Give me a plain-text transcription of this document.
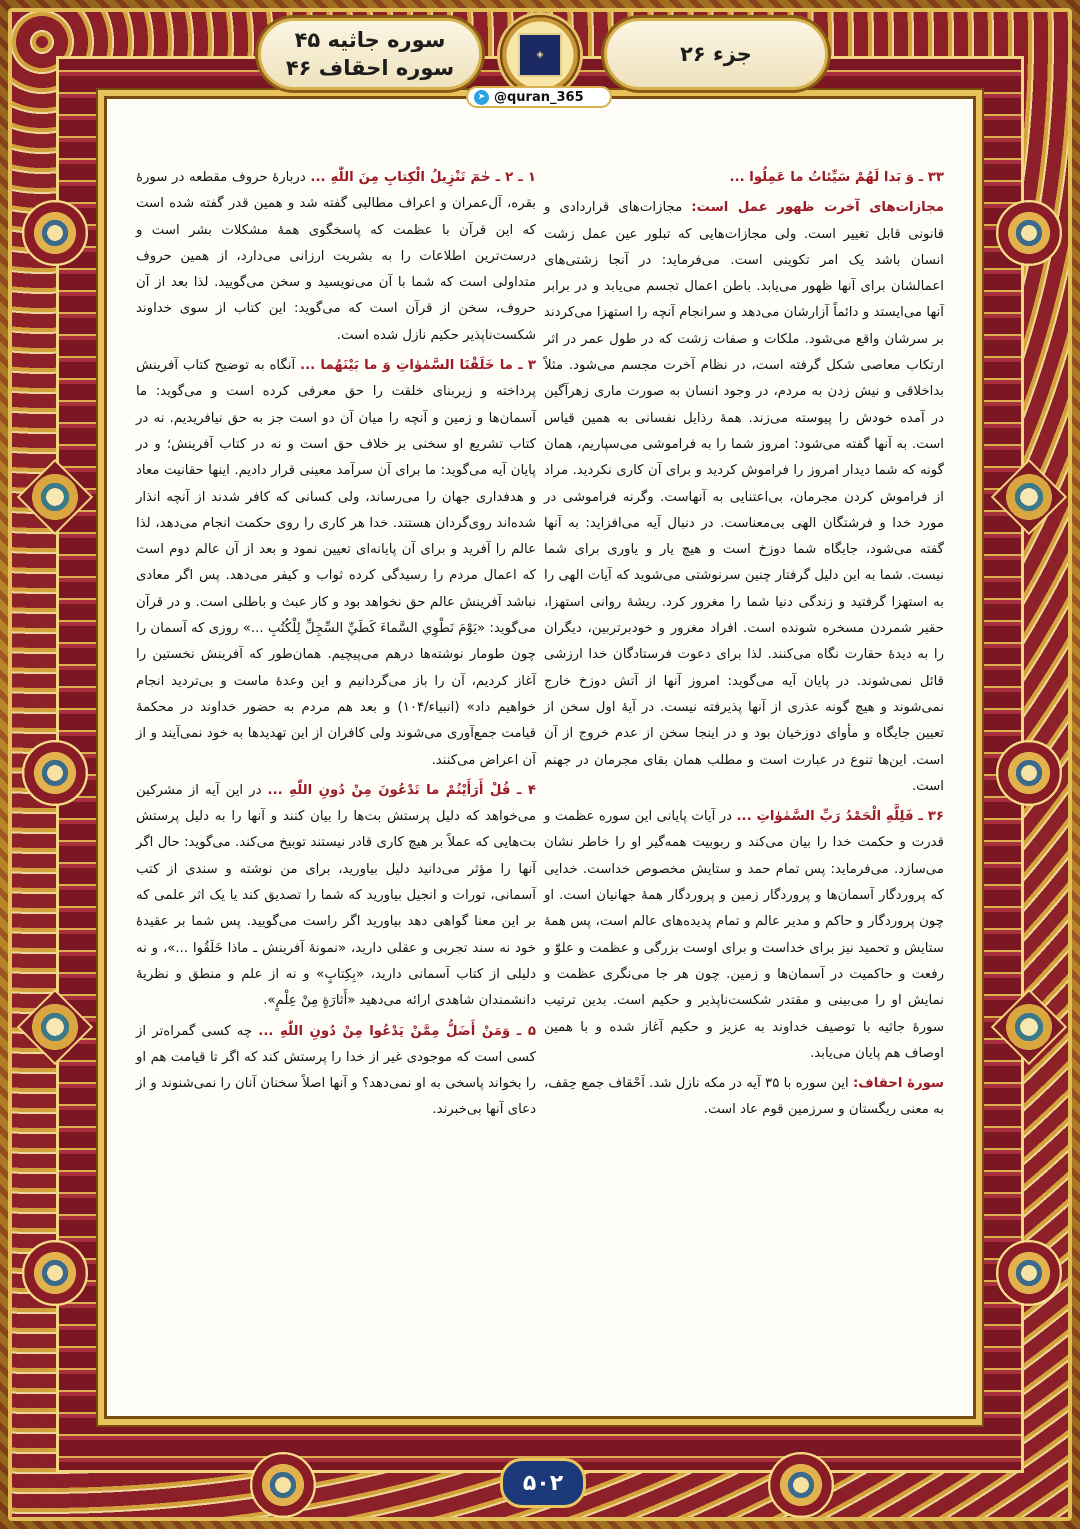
سوره جاثیه ۴۵
سوره احقاف ۴۶
◈	جزء ۲۶
➤ @quran_365

۳۳ ـ وَ بَدا لَهُمْ سَيِّئاتُ ما عَمِلُوا ...

مجازات‌های آخرت ظهور عمل است: مجازات‌های قراردادی و قانونی قابل تغییر است. ولی مجازات‌هایی که تبلور عین عمل زشت انسان باشد یک امر تکوینی است. می‌فرماید: در آنجا زشتی‌های اعمالشان برای آنها ظهور می‌یابد. باطن اعمال تجسم می‌یابد و در برابر آنها می‌ایستد و دائماً آزارشان می‌دهد و سرانجام آنچه را استهزا می‌کردند بر سرشان واقع می‌شود. ملکات و صفات زشت که در طول عمر در اثر ارتکاب معاصی شکل گرفته است، در نظام آخرت مجسم می‌شود. مثلاً بداخلاقی و نیش زدن به مردم، در وجود انسان به صورت ماری زهرآگین در آمده خودش را پیوسته می‌زند. همهٔ رذایل نفسانی به همین قیاس است. به آنها گفته می‌شود: امروز شما را به فراموشی می‌سپاریم، همان گونه که شما دیدار امروز را فراموش کردید و برای آن کاری نکردید. مراد از فراموش کردن مجرمان، بی‌اعتنایی به آنهاست. وگرنه فراموشی در مورد خدا و فرشتگان الهی بی‌معناست. در دنبال آیه می‌افزاید: به آنها گفته می‌شود، جایگاه شما دوزخ است و هیچ یار و یاوری برای شما نیست. شما به این دلیل گرفتار چنین سرنوشتی می‌شوید که آیات الهی را به استهزا گرفتید و زندگی دنیا شما را مغرور کرد. ریشهٔ روانی استهزا، حقیر شمردن مسخره شونده است. افراد مغرور و خودبرتربین، دیگران را به دیدهٔ حقارت نگاه می‌کنند. لذا برای دعوت فرستادگان خدا ارزشی قائل نمی‌شوند. در پایان آیه می‌گوید: امروز آنها از آتش دوزخ خارج نمی‌شوند و هیچ گونه عذری از آنها پذیرفته نیست. در آیهٔ اول سخن از تعیین جایگاه و مأوای دوزخیان بود و در اینجا سخن از عدم خروج از آن است. این‌ها تنوع در عبارت است و مطلب همان بقای مجرمان در جهنم است.

۳۶ ـ فَلِلَّهِ الْحَمْدُ رَبِّ السَّمٰوٰاتِ ... در آیات پایانی این سوره عظمت و قدرت و حکمت خدا را بیان می‌کند و ربوبیت همه‌گیر او را خاطر نشان می‌سازد. می‌فرماید: پس تمام حمد و ستایش مخصوص خداست. خدایی که پروردگار آسمان‌ها و پروردگار زمین و پروردگار همهٔ جهانیان است. او چون پروردگار و حاکم و مدیر عالم و تمام پدیده‌های عالم است، پس همهٔ ستایش و تحمید نیز برای خداست و برای اوست بزرگی و عظمت و علوّ و رفعت و حاکمیت در آسمان‌ها و زمین. چون هر جا می‌نگری عظمت و نمایش او را می‌بینی و مقتدر شکست‌ناپذیر و حکیم است. بدین ترتیب سورهٔ جاثیه با توصیف خداوند به عزیز و حکیم آغاز شده و با همین اوصاف هم پایان می‌یابد.

سورهٔ احقاف: این سوره با ۳۵ آیه در مکه نازل شد. اَحْقاف جمع حِقف، به معنی ریگستان و سرزمین قوم عاد است.

۱ ـ ۲ ـ حٰمٓ تَنْزِيلُ الْكِتابِ مِنَ اللّٰهِ ... دربارهٔ حروف مقطعه در سورهٔ بقره، آل‌عمران و اعراف مطالبی گفته شد و همین قدر گفته شده است که این قرآن با عظمت که پاسخگوی همهٔ مشکلات بشر است و درست‌ترین اطلاعات را به بشریت ارزانی می‌دارد، از همین حروف متداولی است که شما با آن می‌نویسید و سخن می‌گویید. لذا بعد از آن حروف، سخن از قرآن است که می‌گوید: این کتاب از سوی خداوند شکست‌ناپذیر حکیم نازل شده است.

۳ ـ ما خَلَقْنَا السَّمٰوٰاتِ وَ ما بَيْنَهُما ... آنگاه به توضیح کتاب آفرینش پرداخته و زیربنای خلقت را حق معرفی کرده است و می‌گوید: ما آسمان‌ها و زمین و آنچه را میان آن دو است جز به حق نیافریدیم. نه در کتاب تشریع او سخنی بر خلاف حق است و نه در کتاب آفرینش؛ و در پایان آیه می‌گوید: ما برای آن سرآمد معینی قرار دادیم. اینها حقانیت معاد و هدفداری جهان را می‌رساند، ولی کسانی که کافر شدند از آنچه انذار شده‌اند روی‌گردان هستند. خدا هر کاری را روی حکمت انجام می‌دهد، لذا عالم را آفرید و برای آن پایانه‌ای تعیین نمود و بعد از آن عالم دوم است که اعمال مردم را رسیدگی کرده ثواب و کیفر می‌دهد. پس اگر معادی نباشد آفرینش عالم حق نخواهد بود و کار عبث و باطلی است. و در قرآن می‌گوید: «يَوْمَ نَطْوِي السَّماءَ كَطَيِّ السِّجِلِّ لِلْكُتُبِ ...» روزی که آسمان را چون طومار نوشته‌ها درهم می‌پیچیم. همان‌طور که آفرینش نخستین را آغاز کردیم، آن را باز می‌گردانیم و این وعدهٔ ماست و بی‌تردید انجام خواهیم داد» (انبیاء/۱۰۴) و بعد هم مردم به حضور خداوند در محکمهٔ قیامت جمع‌آوری می‌شوند ولی کافران از این تهدیدها به خود نمی‌آیند و از آن اعراض می‌کنند.

۴ ـ قُلْ أَرَأَيْتُمْ ما تَدْعُونَ مِنْ دُونِ اللّٰهِ ... در این آیه از مشرکین می‌خواهد که دلیل پرستش بت‌ها را بیان کنند و آنها را به دلیل پرستش بت‌هایی که عملاً بر هیچ کاری قادر نیستند توبیخ می‌کند. می‌گوید: حال اگر آنها را مؤثر می‌دانید دلیل بیاورید، برای من نوشته و سندی از کتب آسمانی، تورات و انجیل بیاورید که شما را تصدیق کند یا یک اثر علمی که بر این معنا گواهی دهد بیاورید اگر راست می‌گویید. پس شما بر عقیدهٔ خود نه سند تجربی و عقلی دارید، «نمونهٔ آفرینش ـ ماذا خَلَقُوا ...»، و نه دلیلی از کتاب آسمانی دارید، «بِكِتابٍ» و نه از علم و منطق و نظریهٔ دانشمندان شاهدی ارائه می‌دهید «أَثارَةٍ مِنْ عِلْمٍ».

۵ ـ وَمَنْ أَضَلُّ مِمَّنْ يَدْعُوا مِنْ دُونِ اللّٰهِ ... چه کسی گمراه‌تر از کسی است که موجودی غیر از خدا را پرستش کند که اگر تا قیامت هم او را بخواند پاسخی به او نمی‌دهد؟ و آنها اصلاً سخنان آنان را نمی‌شنوند و از دعای آنها بی‌خبرند.

۵۰۲
